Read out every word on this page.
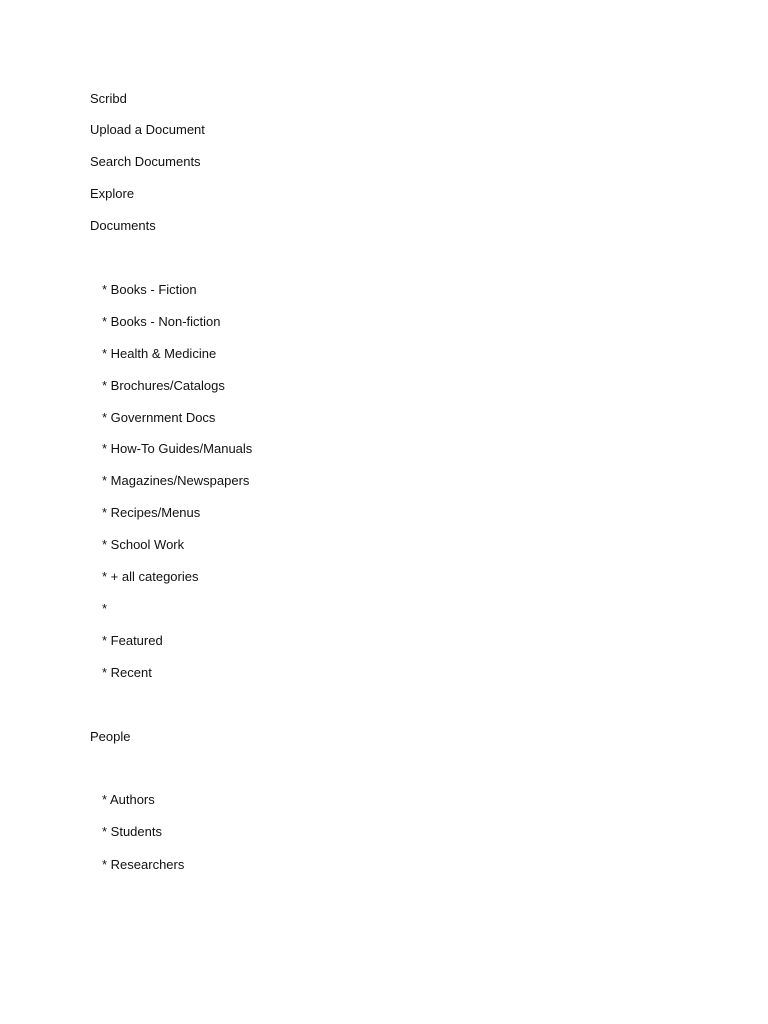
Scribd
Upload a Document
Search Documents
Explore
Documents
* Books - Fiction
* Books - Non-fiction
* Health & Medicine
* Brochures/Catalogs
* Government Docs
* How-To Guides/Manuals
* Magazines/Newspapers
* Recipes/Menus
* School Work
* + all categories
*
* Featured
* Recent
People
* Authors
* Students
* Researchers
